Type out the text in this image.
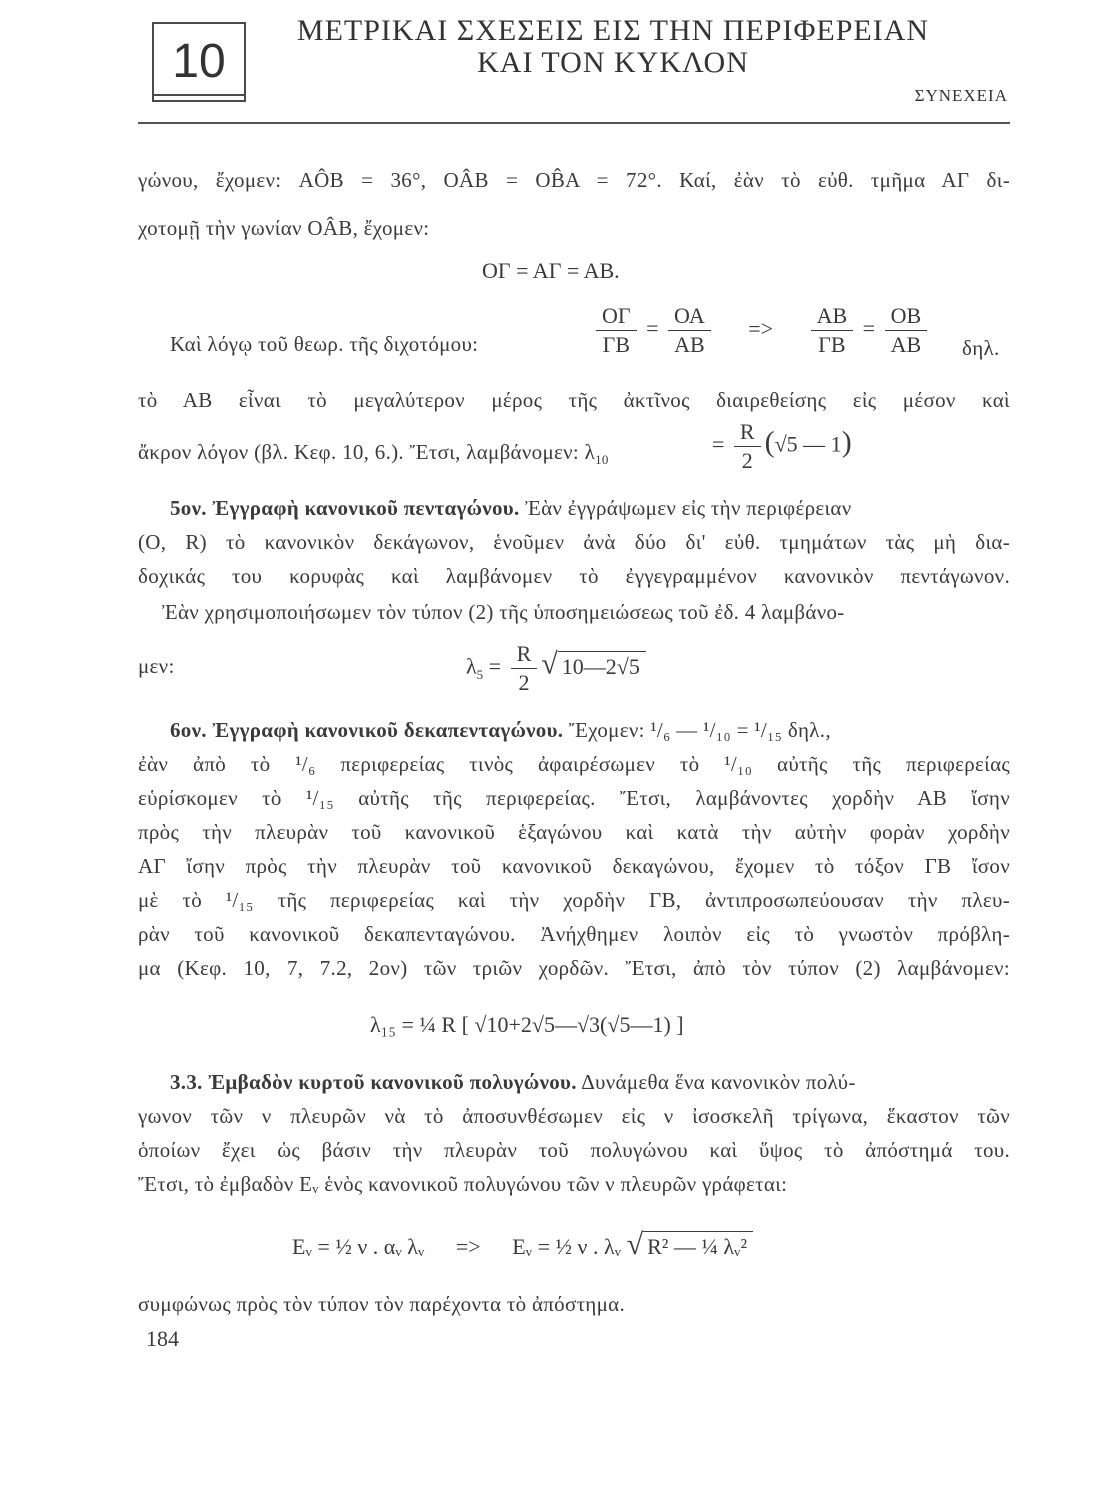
10
ΜΕΤΡΙΚΑΙ ΣΧΕΣΕΙΣ ΕΙΣ ΤΗΝ ΠΕΡΙΦΕΡΕΙΑΝ
ΚΑΙ ΤΟΝ ΚΥΚΛΟΝ
ΣΥΝΕΧΕΙΑ
γώνου, ἔχομεν: AÔB = 36°, OÂB = OB̂A = 72°. Καί, ἐὰν τὸ εὐθ. τμῆμα ΑΓ δι-
χοτομῇ τὴν γωνίαν OÂB, ἔχομεν:
ΟΓ = ΑΓ = ΑΒ.
Καὶ λόγῳ τοῦ θεωρ. τῆς διχοτόμου:	$\frac{O\Gamma}{\Gamma B} = \frac{OA}{AB} => \frac{AB}{\Gamma B} = \frac{OB}{AB} \delta\eta\lambda$.
τὸ ΑΒ εἶναι τὸ μεγαλύτερον μέρος τῆς ἀκτῖνος διαιρεθείσης εἰς μέσον καὶ
ἄκρον λόγον (βλ. Κεφ. 10, 6.). Ἔτσι, λαμβάνομεν: $\lambda_{10}$
= $\frac{R}{2} (√5$ — 1)
5ον. Ἐγγραφὴ κανονικοῦ πενταγώνου. Ἐὰν ἐγγράψωμεν εἰς τὴν περιφέρειαν
(Ο, R) τὸ κανονικὸν δεκάγωνον, ἑνοῦμεν ἀνὰ δύο δι' εὐθ. τμημάτων τὰς μὴ δια-
δοχικάς του κορυφὰς καὶ λαμβάνομεν τὸ ἐγγεγραμμένον κανονικὸν πεντάγωνον.
Ἐὰν χρησιμοποιήσωμεν τὸν τύπον (2) τῆς ὑποσημειώσεως τοῦ ἐδ. 4 λαμβάνο-
μεν:	$\lambda_5 = \frac{R}{2}$ √ 10—2√5
6ον. Ἐγγραφὴ κανονικοῦ δεκαπενταγώνου. Ἔχομεν: ¹/₆ — ¹/₁₀ = ¹/₁₅ δηλ.,
ἐὰν ἀπὸ τὸ ¹/₆ περιφερείας τινὸς ἀφαιρέσωμεν τὸ ¹/₁₀ αὐτῆς τῆς περιφερείας
εὑρίσκομεν τὸ ¹/₁₅ αὐτῆς τῆς περιφερείας. Ἔτσι, λαμβάνοντες χορδὴν ΑΒ ἴσην
πρὸς τὴν πλευρὰν τοῦ κανονικοῦ ἑξαγώνου καὶ κατὰ τὴν αὐτὴν φορὰν χορδὴν
ΑΓ ἴσην πρὸς τὴν πλευρὰν τοῦ κανονικοῦ δεκαγώνου, ἔχομεν τὸ τόξον ΓΒ ἴσον
μὲ τὸ ¹/₁₅ τῆς περιφερείας καὶ τὴν χορδὴν ΓΒ, ἀντιπροσωπεύουσαν τὴν πλευ-
ρὰν τοῦ κανονικοῦ δεκαπενταγώνου. Ἀνήχθημεν λοιπὸν εἰς τὸ γνωστὸν πρόβλη-
μα (Κεφ. 10, 7, 7.2, 2ον) τῶν τριῶν χορδῶν. Ἔτσι, ἀπὸ τὸν τύπον (2) λαμβάνομεν:
λ₁₅ = ¼ R [ √10+2√5—√3(√5—1) ]
3.3. Ἐμβαδὸν κυρτοῦ κανονικοῦ πολυγώνου. Δυνάμεθα ἕνα κανονικὸν πολύ-
γωνον τῶν ν πλευρῶν νὰ τὸ ἀποσυνθέσωμεν εἰς ν ἰσοσκελῆ τρίγωνα, ἕκαστον τῶν
ὁποίων ἔχει ὡς βάσιν τὴν πλευρὰν τοῦ πολυγώνου καὶ ὕψος τὸ ἀπόστημά του.
Ἔτσι, τὸ ἐμβαδὸν Eᵥ ἑνὸς κανονικοῦ πολυγώνου τῶν ν πλευρῶν γράφεται:
Eᵥ = ½ ν . αᵥ λᵥ => Eᵥ = ½ ν . λᵥ √ R² — ¼ λᵥ²
συμφώνως πρὸς τὸν τύπον τὸν παρέχοντα τὸ ἀπόστημα.
184
